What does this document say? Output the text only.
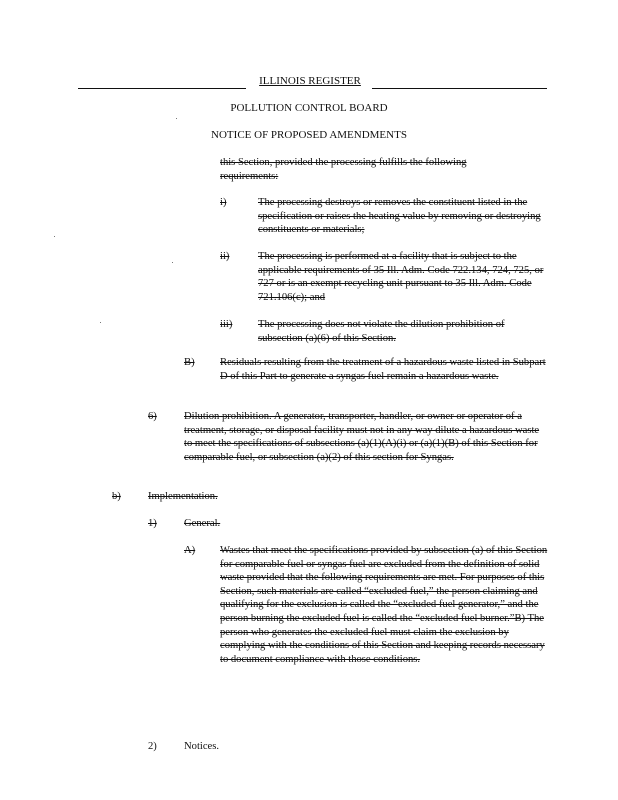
ILLINOIS REGISTER
POLLUTION CONTROL BOARD
NOTICE OF PROPOSED AMENDMENTS
this Section, provided the processing fulfills the following requirements:
i)	The processing destroys or removes the constituent listed in the specification or raises the heating value by removing or destroying constituents or materials;
ii)	The processing is performed at a facility that is subject to the applicable requirements of 35 Ill. Adm. Code 722.134, 724, 725, or 727 or is an exempt recycling unit pursuant to 35 Ill. Adm. Code 721.106(c); and
iii)	The processing does not violate the dilution prohibition of subsection (a)(6) of this Section.
B)	Residuals resulting from the treatment of a hazardous waste listed in Subpart D of this Part to generate a syngas fuel remain a hazardous waste.
6)	Dilution prohibition. A generator, transporter, handler, or owner or operator of a treatment, storage, or disposal facility must not in any way dilute a hazardous waste to meet the specifications of subsections (a)(1)(A)(i) or (a)(1)(B) of this Section for comparable fuel, or subsection (a)(2) of this section for Syngas.
b)	Implementation.
1)	General.
A)	Wastes that meet the specifications provided by subsection (a) of this Section for comparable fuel or syngas fuel are excluded from the definition of solid waste provided that the following requirements are met. For purposes of this Section, such materials are called “excluded fuel,” the person claiming and qualifying for the exclusion is called the “excluded fuel generator,” and the person burning the excluded fuel is called the “excluded fuel burner.”B) The person who generates the excluded fuel must claim the exclusion by complying with the conditions of this Section and keeping records necessary to document compliance with those conditions.
2)	Notices.
